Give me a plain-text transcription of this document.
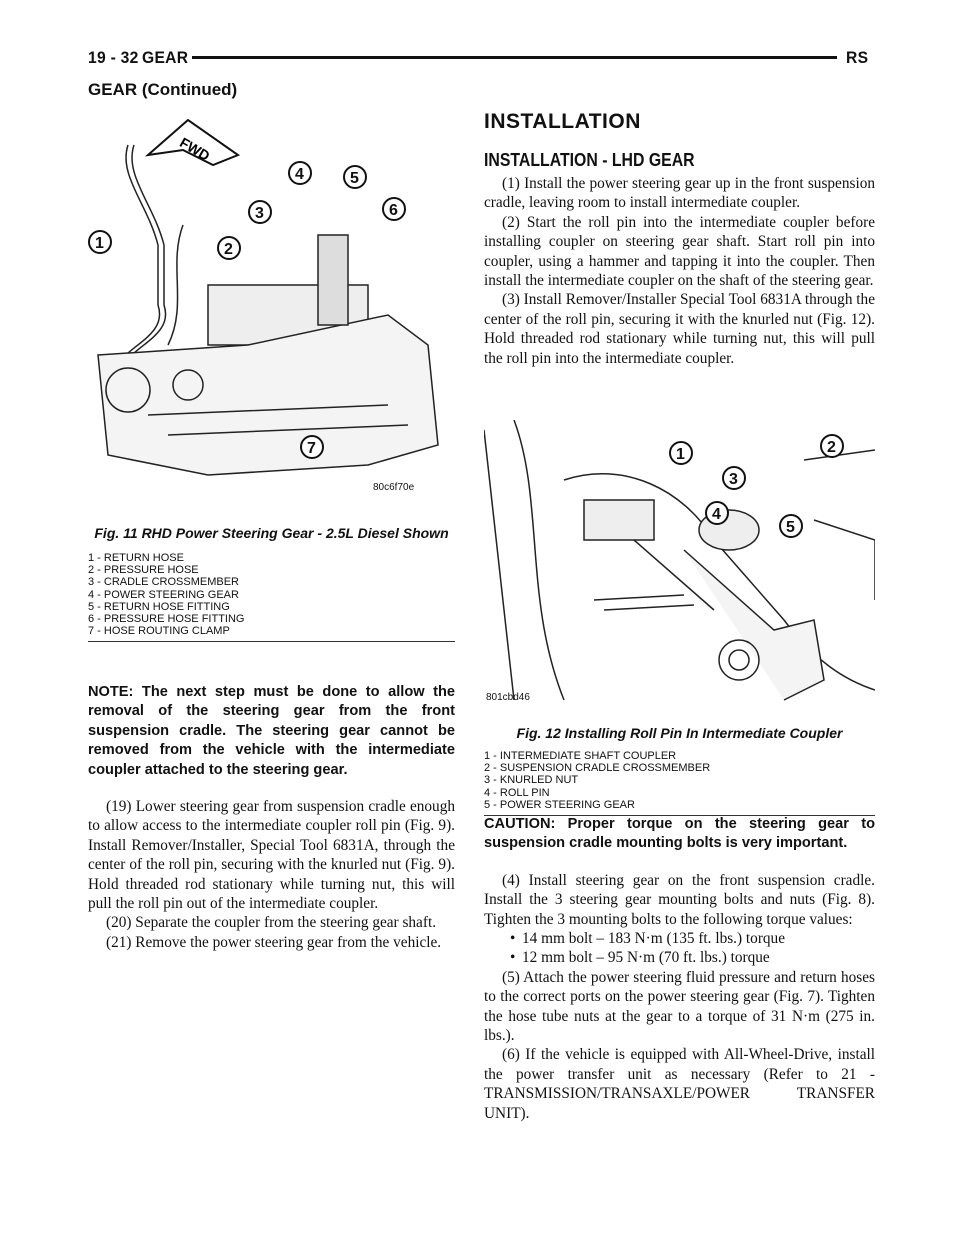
19 - 32 GEAR	RS
GEAR (Continued)
FWD
1	2
3
4	5
6
7
80c6f70e
Fig. 11 RHD Power Steering Gear - 2.5L Diesel Shown
1 - RETURN HOSE
2 - PRESSURE HOSE
3 - CRADLE CROSSMEMBER
4 - POWER STEERING GEAR
5 - RETURN HOSE FITTING
6 - PRESSURE HOSE FITTING
7 - HOSE ROUTING CLAMP
NOTE: The next step must be done to allow the removal of the steering gear from the front suspension cradle. The steering gear cannot be removed from the vehicle with the intermediate coupler attached to the steering gear.

(19) Lower steering gear from suspension cradle enough to allow access to the intermediate coupler roll pin (Fig. 9). Install Remover/Installer, Special Tool 6831A, through the center of the roll pin, securing with the knurled nut (Fig. 9). Hold threaded rod stationary while turning nut, this will pull the roll pin out of the intermediate coupler.

(20) Separate the coupler from the steering gear shaft.

(21) Remove the power steering gear from the vehicle.

INSTALLATION
INSTALLATION - LHD GEAR

(1) Install the power steering gear up in the front suspension cradle, leaving room to install intermediate coupler.

(2) Start the roll pin into the intermediate coupler before installing coupler on steering gear shaft. Start roll pin into coupler, using a hammer and tapping it into the coupler. Then install the intermediate coupler on the shaft of the steering gear.

(3) Install Remover/Installer Special Tool 6831A through the center of the roll pin, securing it with the knurled nut (Fig. 12). Hold threaded rod stationary while turning nut, this will pull the roll pin into the intermediate coupler.

1	2
3
4
5
801cbd46
Fig. 12 Installing Roll Pin In Intermediate Coupler
1 - INTERMEDIATE SHAFT COUPLER
2 - SUSPENSION CRADLE CROSSMEMBER
3 - KNURLED NUT
4 - ROLL PIN
5 - POWER STEERING GEAR
CAUTION: Proper torque on the steering gear to suspension cradle mounting bolts is very important.

(4) Install steering gear on the front suspension cradle. Install the 3 steering gear mounting bolts and nuts (Fig. 8). Tighten the 3 mounting bolts to the following torque values:

• 14 mm bolt – 183 N·m (135 ft. lbs.) torque

• 12 mm bolt – 95 N·m (70 ft. lbs.) torque

(5) Attach the power steering fluid pressure and return hoses to the correct ports on the power steering gear (Fig. 7). Tighten the hose tube nuts at the gear to a torque of 31 N·m (275 in. lbs.).

(6) If the vehicle is equipped with All-Wheel-Drive, install the power transfer unit as necessary (Refer to 21 - TRANSMISSION/TRANSAXLE/POWER TRANSFER UNIT).
